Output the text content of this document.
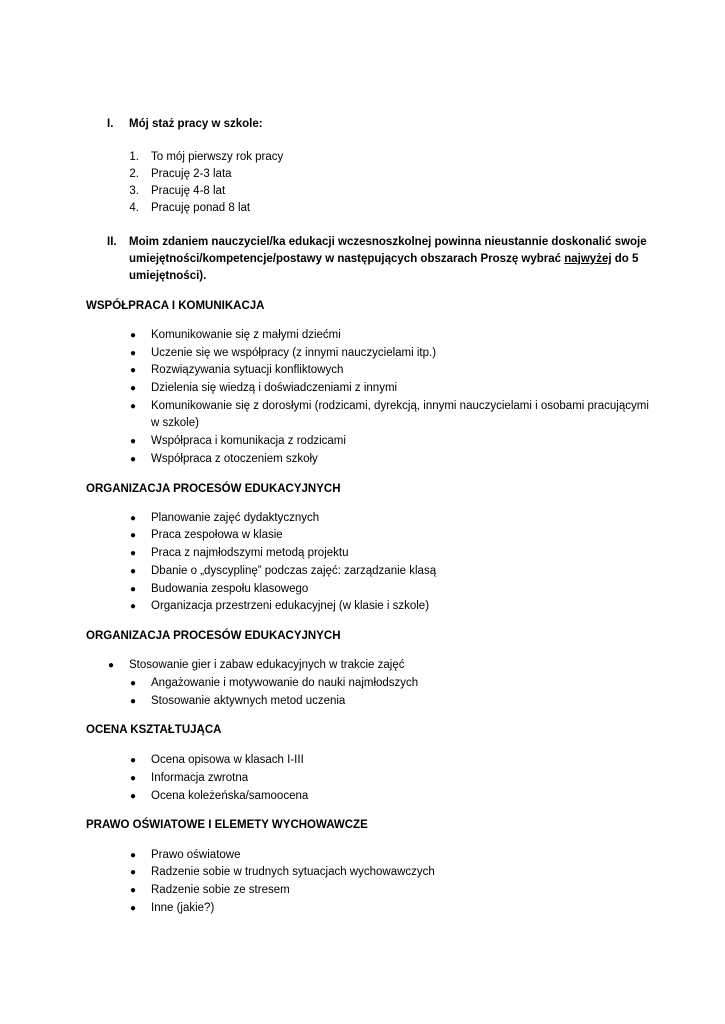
I. Mój staż pracy w szkole:
1. To mój pierwszy rok pracy
2. Pracuję 2-3 lata
3. Pracuję 4-8 lat
4. Pracuję ponad 8 lat
II. Moim zdaniem nauczyciel/ka edukacji wczesnoszkolnej powinna nieustannie doskonalić swoje
umiejętności/kompetencje/postawy w następujących obszarach Proszę wybrać najwyżej do 5
umiejętności).
WSPÓŁPRACA I KOMUNIKACJA
● Komunikowanie się z małymi dziećmi
● Uczenie się we współpracy (z innymi nauczycielami itp.)
● Rozwiązywania sytuacji konfliktowych
● Dzielenia się wiedzą i doświadczeniami z innymi
● Komunikowanie się z dorosłymi (rodzicami, dyrekcją, innymi nauczycielami i osobami pracującymi
w szkole)
● Współpraca i komunikacja z rodzicami
● Współpraca z otoczeniem szkoły
ORGANIZACJA PROCESÓW EDUKACYJNYCH
● Planowanie zajęć dydaktycznych
● Praca zespołowa w klasie
● Praca z najmłodszymi metodą projektu
● Dbanie o „dyscyplinę” podczas zajęć: zarządzanie klasą
● Budowania zespołu klasowego
● Organizacja przestrzeni edukacyjnej (w klasie i szkole)
ORGANIZACJA PROCESÓW EDUKACYJNYCH
● Stosowanie gier i zabaw edukacyjnych w trakcie zajęć
● Angażowanie i motywowanie do nauki najmłodszych
● Stosowanie aktywnych metod uczenia
OCENA KSZTAŁTUJĄCA
● Ocena opisowa w klasach I-III
● Informacja zwrotna
● Ocena koleżeńska/samoocena
PRAWO OŚWIATOWE I ELEMETY WYCHOWAWCZE
● Prawo oświatowe
● Radzenie sobie w trudnych sytuacjach wychowawczych
● Radzenie sobie ze stresem
● Inne (jakie?)
